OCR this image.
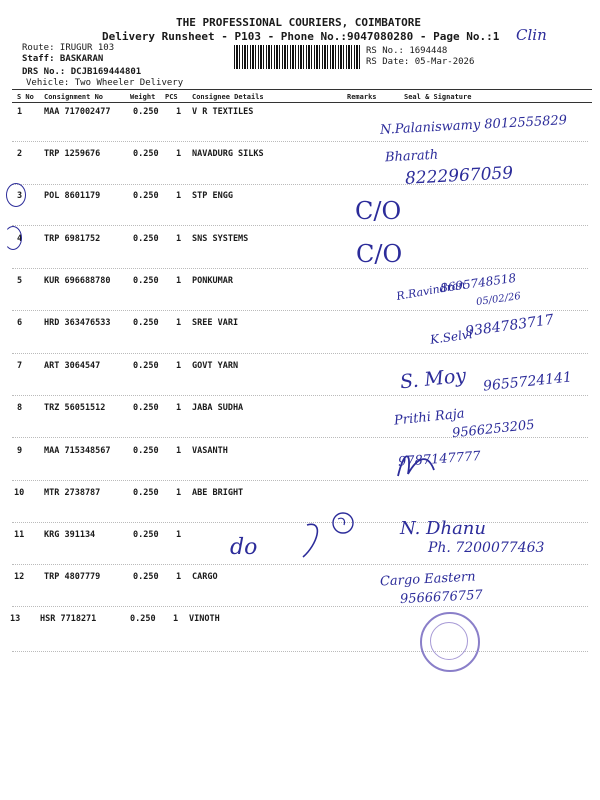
THE PROFESSIONAL COURIERS, COIMBATORE
Delivery Runsheet - P103 - Phone No.:9047080280 - Page No.:1
Route: IRUGUR 103
Staff: BASKARAN
DRS No.: DCJB169444801
Vehicle: Two Wheeler Delivery
RS No.: 1694448
RS Date: 05-Mar-2026
Clin
S No Consignment No	Weight PCS Consignee Details	Remarks	Seal & Signature
1	MAA 717002477	0.250 1 V R TEXTILES
2	TRP 1259676	0.250 1 NAVADURG SILKS
3	POL 8601179	0.250 1 STP ENGG
4	TRP 6981752	0.250 1 SNS SYSTEMS
5	KUR 696688780	0.250 1 PONKUMAR
6	HRD 363476533	0.250 1 SREE VARI
7	ART 3064547	0.250 1 GOVT YARN
8	TRZ 56051512	0.250 1 JABA SUDHA
9	MAA 715348567	0.250 1 VASANTH
10 MTR 2738787	0.250 1 ABE BRIGHT
11 KRG 391134	0.250 1
12 TRP 4807779	0.250 1 CARGO
13 HSR 7718271	0.250 1 VINOTH
N.Palaniswamy 8012555829
Bharath
8222967059
C/O
C/O
R.Ravindran
8695748518
05/02/26
K.Selvi
9384783717
S. Moy 9655724141
Prithi Raja
9566253205
9787147777
do
N. Dhanu
Ph. 7200077463
Cargo Eastern
9566676757
